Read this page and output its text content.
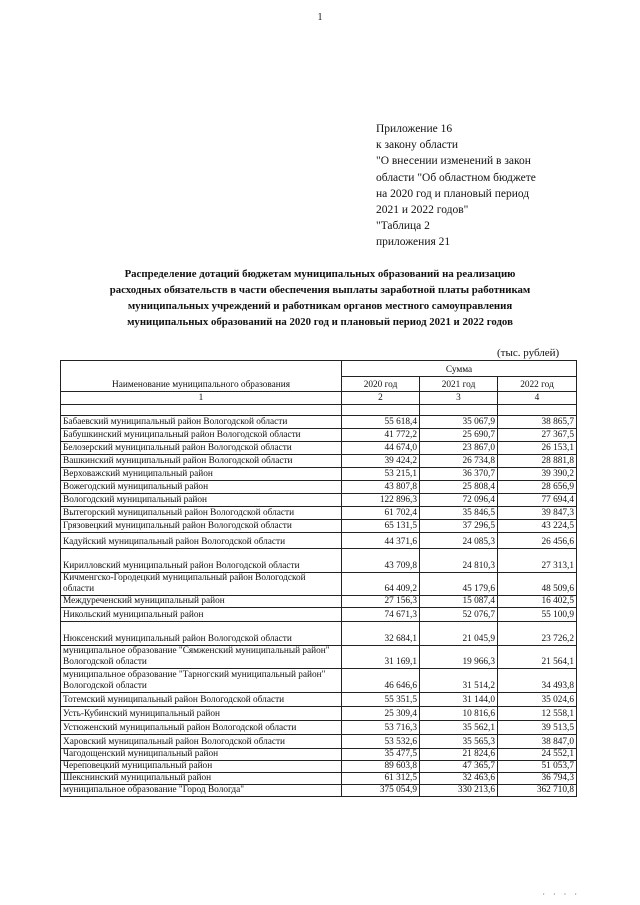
1
Приложение 16
к закону области
"О внесении изменений в закон
области "Об областном бюджете
на 2020 год и плановый период
2021 и 2022 годов"
"Таблица 2
приложения 21
Распределение дотаций бюджетам муниципальных образований на реализацию
расходных обязательств в части обеспечения выплаты заработной платы работникам
муниципальных учреждений и работникам органов местного самоуправления
муниципальных образований на 2020 год и плановый период 2021 и 2022 годов
(тыс. рублей)
Наименование муниципального образования	Сумма		
	2020 год	2021 год	2022 год
1	2	3	4

Бабаевский муниципальный район Вологодской области	55 618,4	35 067,9	38 865,7
Бабушкинский муниципальный район Вологодской области	41 772,2	25 690,7	27 367,5
Белозерский муниципальный район Вологодской области	44 674,0	23 867,0	26 153,1
Вашкинский муниципальный район Вологодской области	39 424,2	26 734,8	28 881,8
Верховажский муниципальный район	53 215,1	36 370,7	39 390,2
Вожегодский муниципальный район	43 807,8	25 808,4	28 656,9
Вологодский муниципальный район	122 896,3	72 096,4	77 694,4
Вытегорский муниципальный район Вологодской области	61 702,4	35 846,5	39 847,3
Грязовецкий муниципальный район Вологодской области	65 131,5	37 296,5	43 224,5
Кадуйский муниципальный район Вологодской области	44 371,6	24 085,3	26 456,6
Кирилловский муниципальный район Вологодской области	43 709,8	24 810,3	27 313,1
Кичменгско-Городецкий муниципальный район Вологодской области	64 409,2	45 179,6	48 509,6
Междуреченский муниципальный район	27 156,3	15 087,4	16 402,5
Никольский муниципальный район	74 671,3	52 076,7	55 100,9
Нюксенский муниципальный район Вологодской области	32 684,1	21 045,9	23 726,2
муниципальное образование "Сямженский муниципальный район" Вологодской области	31 169,1	19 966,3	21 564,1
муниципальное образование "Тарногский муниципальный район" Вологодской области	46 646,6	31 514,2	34 493,8
Тотемский муниципальный район Вологодской области	55 351,5	31 144,0	35 024,6
Усть-Кубинский муниципальный район	25 309,4	10 816,6	12 558,1
Устюженский муниципальный район Вологодской области	53 716,3	35 562,1	39 513,5
Харовский муниципальный район Вологодской области	53 532,6	35 565,3	38 847,0
Чагодощенский муниципальный район	35 477,5	21 824,6	24 552,1
Череповецкий муниципальный район	89 603,8	47 365,7	51 053,7
Шекснинский муниципальный район	61 312,5	32 463,6	36 794,3
муниципальное образование "Город Вологда"	375 054,9	330 213,6	362 710,8
· · · ·
